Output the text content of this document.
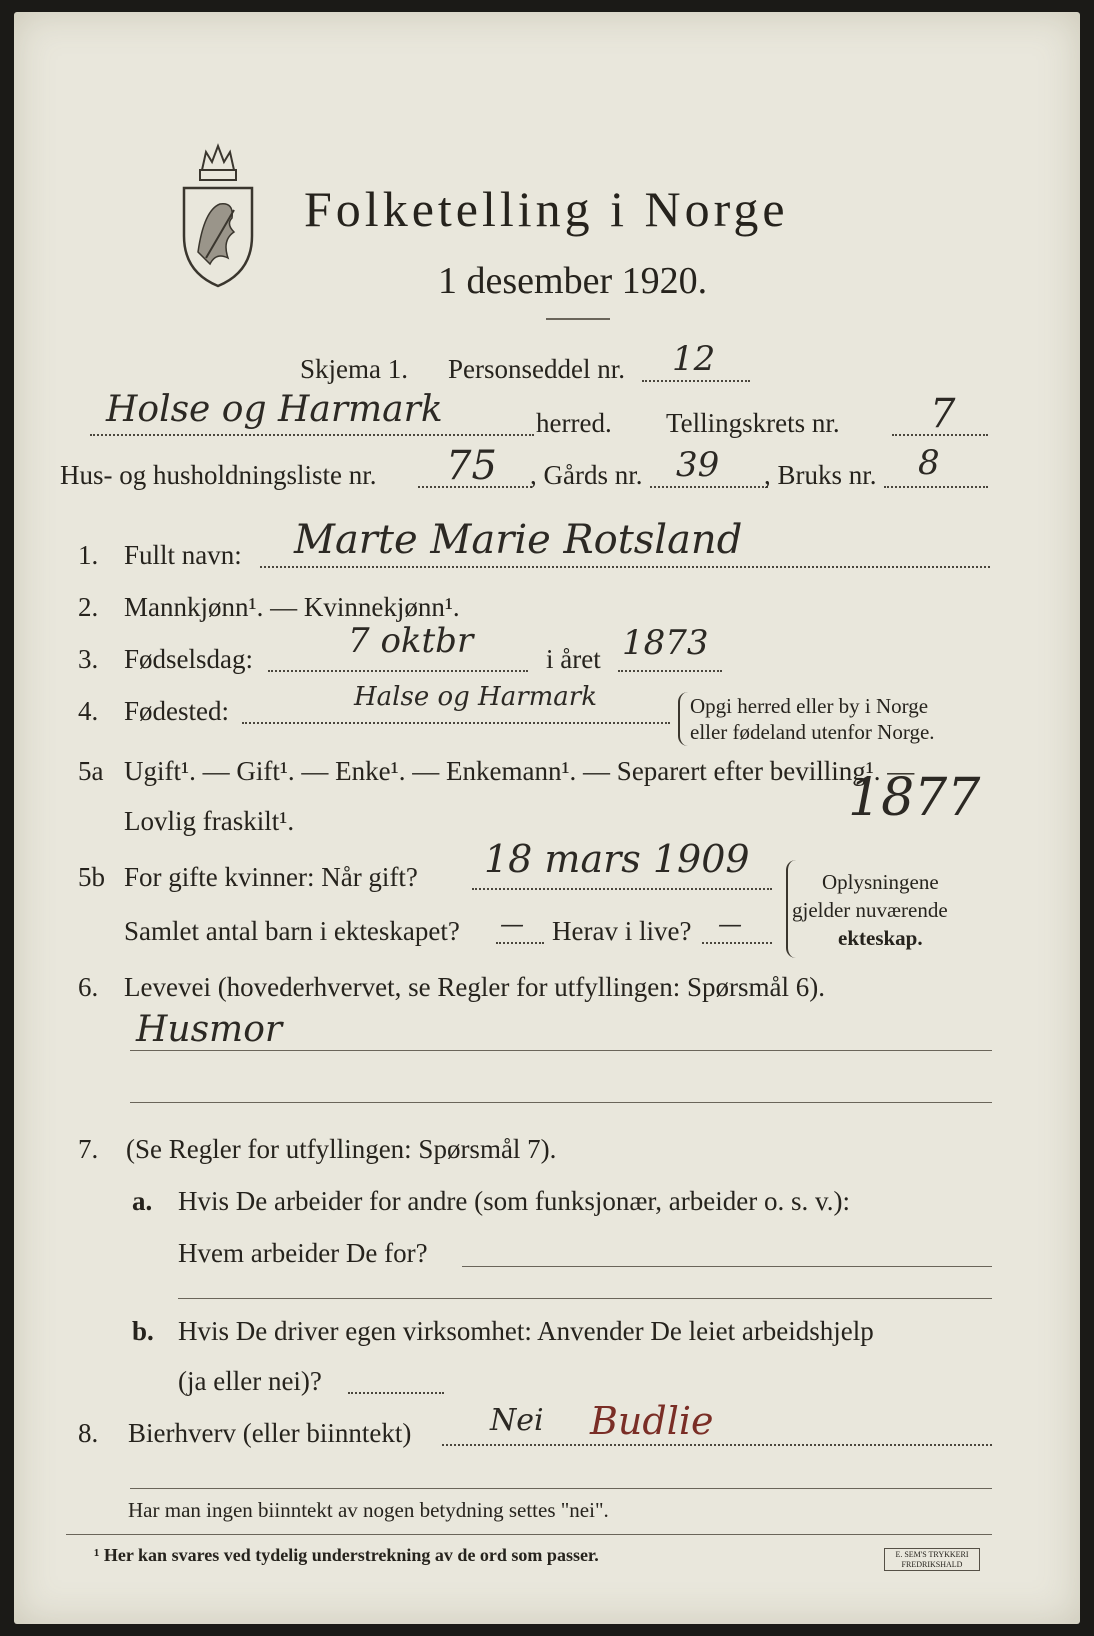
Folketelling i Norge
1 desember 1920.
Skjema 1. Personseddel nr. 12
Holse og Harmark	herred. Tellingskrets nr. 7
Hus- og husholdningsliste nr. 75 , Gårds nr. 39 , Bruks nr. 8
1. Fullt navn: Marte Marie Rotsland
2. Mannkjønn¹. — Kvinnekjønn¹.
3. Fødselsdag:	7 oktbr	i året 1873
4. Fødested:	Halse og Harmark	Opgi herred eller by i Norge
eller fødeland utenfor Norge.
5a Ugift¹. — Gift¹. — Enke¹. — Enkemann¹. — Separert efter bevilling¹. —
Lovlig fraskilt¹.	1877
5b For gifte kvinner: Når gift? 18 mars 1909
Samlet antal barn i ekteskapet? — Herav i live? —
Oplysningene
gjelder nuværende
ekteskap.
6. Levevei (hovederhvervet, se Regler for utfyllingen: Spørsmål 6).
Husmor
7. (Se Regler for utfyllingen: Spørsmål 7).
a. Hvis De arbeider for andre (som funksjonær, arbeider o. s. v.):
Hvem arbeider De for?
b. Hvis De driver egen virksomhet: Anvender De leiet arbeidshjelp
(ja eller nei)?
8. Bierhverv (eller biinntekt)	Nei Budlie
Har man ingen biinntekt av nogen betydning settes "nei".
¹ Her kan svares ved tydelig understrekning av de ord som passer.	E. SEM'S TRYKKERI FREDRIKSHALD
